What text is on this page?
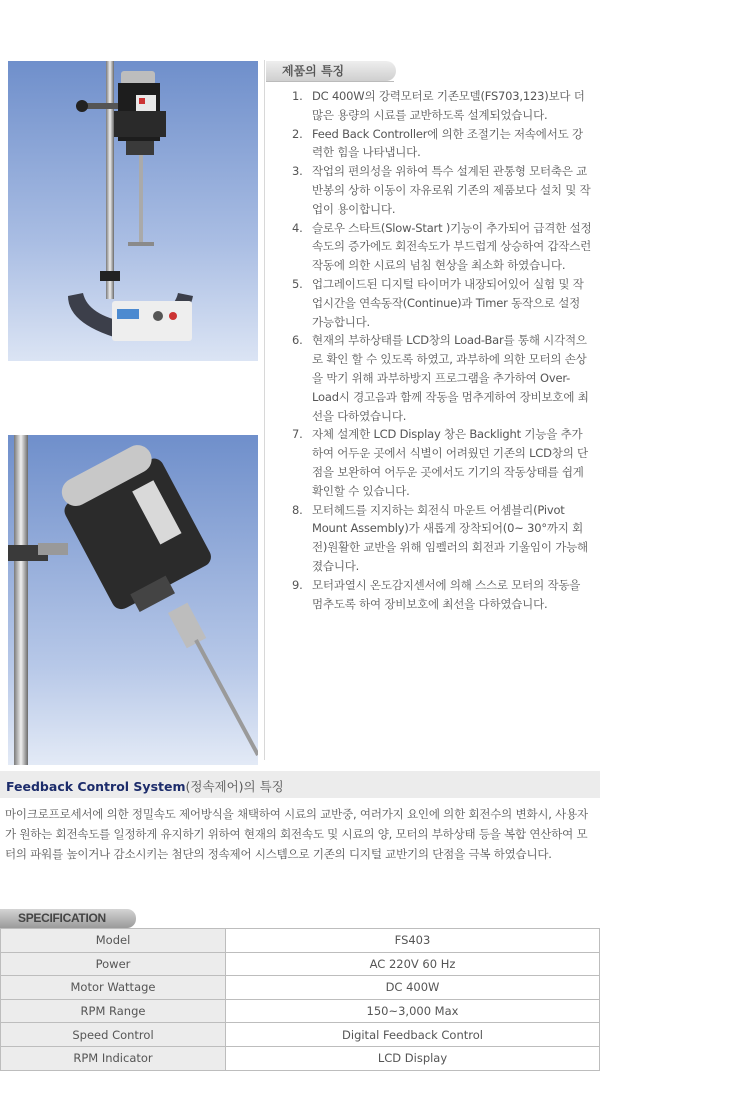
제품의 특징
1. DC 400W의 강력모터로 기존모델(FS703,123)보다 더 많은 용량의 시료를 교반하도록 설계되었습니다.
2. Feed Back Controller에 의한 조절기는 저속에서도 강력한 힘을 나타냅니다.
3. 작업의 편의성을 위하여 특수 설계된 관통형 모터축은 교반봉의 상하 이동이 자유로워 기존의 제품보다 설치 및 작업이 용이합니다.
4. 슬로우 스타트(Slow-Start )기능이 추가되어 급격한 설정속도의 증가에도 회전속도가 부드럽게 상승하여 갑작스런 작동에 의한 시료의 넘침 현상을 최소화 하였습니다.
5. 업그레이드된 디지털 타이머가 내장되어있어 실험 및 작업시간을 연속동작(Continue)과 Timer 동작으로 설정 가능합니다.
6. 현재의 부하상태를 LCD창의 Load-Bar를 통해 시각적으로 확인 할 수 있도록 하였고, 과부하에 의한 모터의 손상을 막기 위해 과부하방지 프로그램을 추가하여 Over-Load시 경고음과 함께 작동을 멈추게하여 장비보호에 최선을 다하였습니다.
7. 자체 설계한 LCD Display 창은 Backlight 기능을 추가하여 어두운 곳에서 식별이 어려웠던 기존의 LCD창의 단점을 보완하여 어두운 곳에서도 기기의 작동상태를 쉽게 확인할 수 있습니다.
8. 모터헤드를 지지하는 회전식 마운트 어셈블리(Pivot Mount Assembly)가 새롭게 장착되어(0~ 30°까지 회전)원활한 교반을 위해 임펠러의 회전과 기울임이 가능해졌습니다.
9. 모터과열시 온도감지센서에 의해 스스로 모터의 작동을 멈추도록 하여 장비보호에 최선을 다하였습니다.
Feedback Control System(정속제어)의 특징
마이크로프로세서에 의한 정밀속도 제어방식을 채택하여 시료의 교반중, 여러가지 요인에 의한 회전수의 변화시, 사용자가 원하는 회전속도를 일정하게 유지하기 위하여 현재의 회전속도 및 시료의 양, 모터의 부하상태 등을 복합 연산하여 모터의 파워를 높이거나 감소시키는 첨단의 정속제어 시스템으로 기존의 디지털 교반기의 단점을 극복 하였습니다.
SPECIFICATION
Model	FS403
Power	AC 220V 60 Hz
Motor Wattage	DC 400W
RPM Range	150~3,000 Max
Speed Control	Digital Feedback Control
RPM Indicator	LCD Display
